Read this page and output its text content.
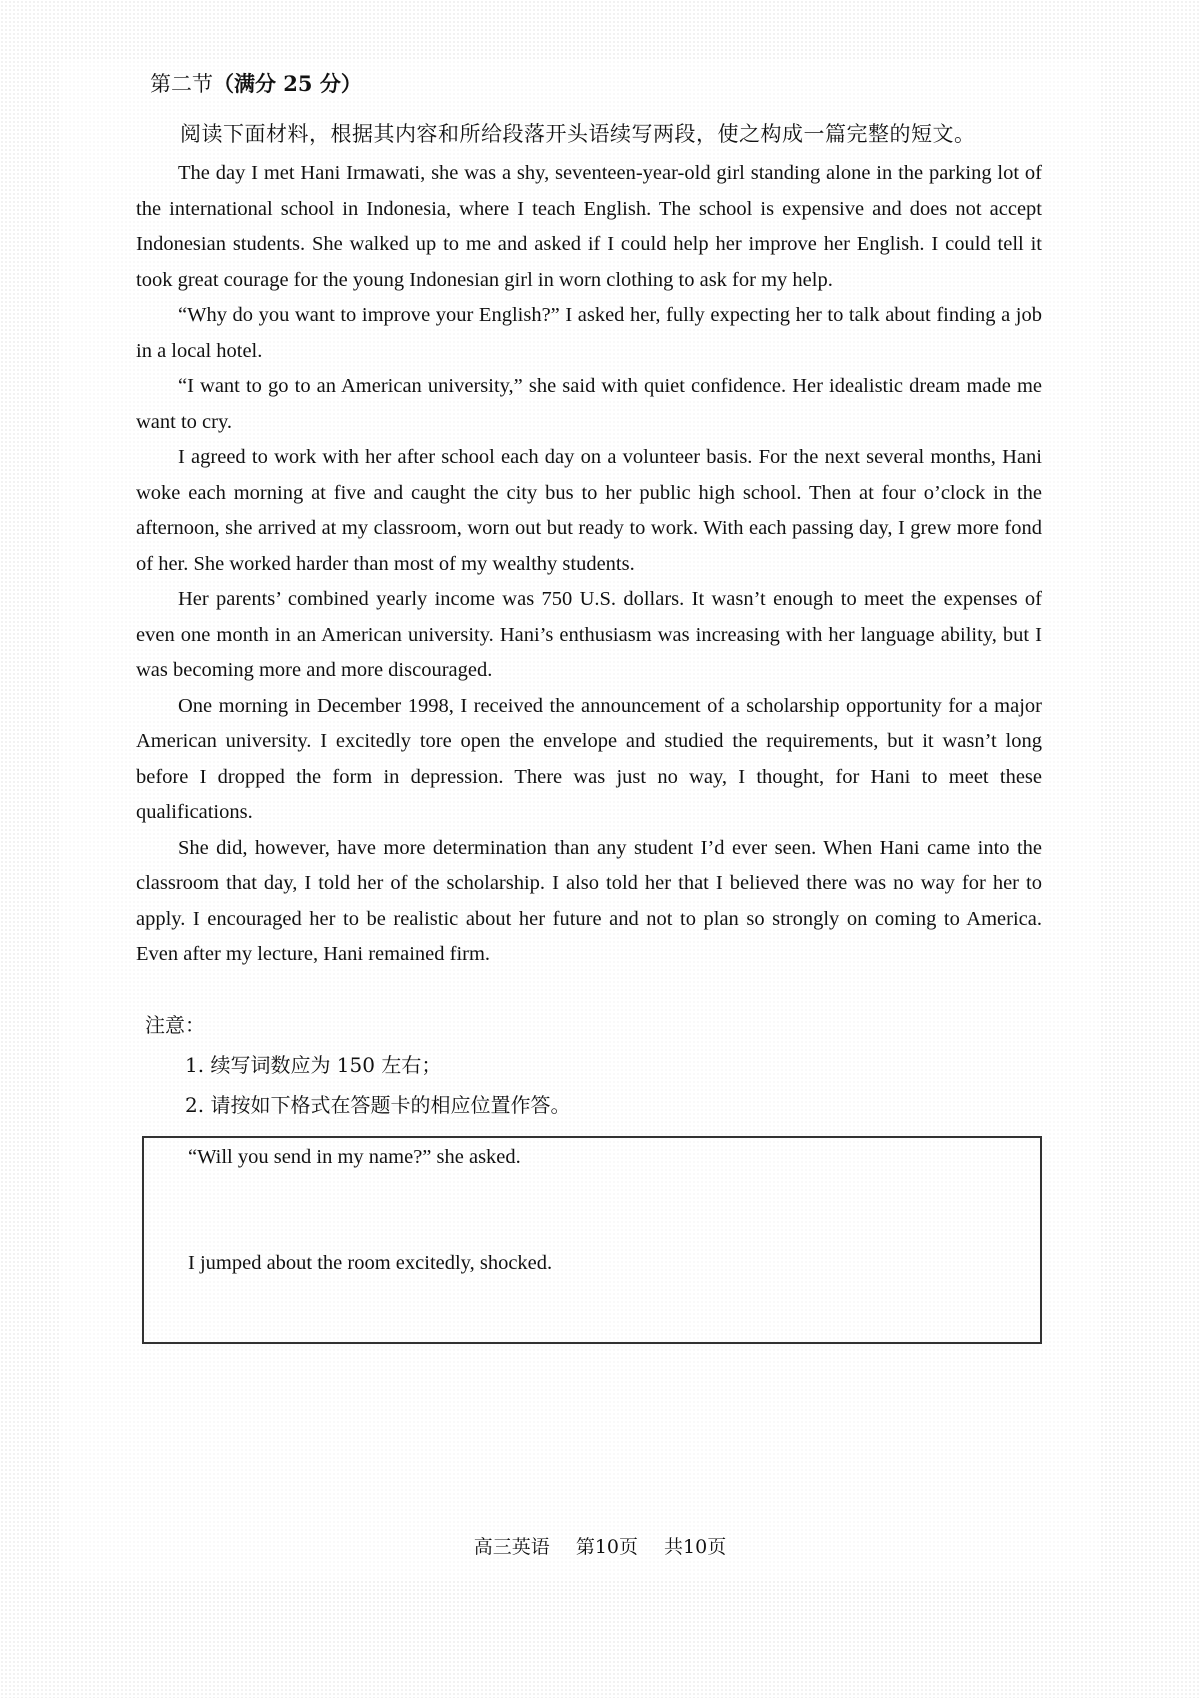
第二节（满分 25 分）
阅读下面材料，根据其内容和所给段落开头语续写两段，使之构成一篇完整的短文。

The day I met Hani Irmawati, she was a shy, seventeen-year-old girl standing alone in the parking lot of the international school in Indonesia, where I teach English. The school is expensive and does not accept Indonesian students. She walked up to me and asked if I could help her improve her English. I could tell it took great courage for the young Indonesian girl in worn clothing to ask for my help.

“Why do you want to improve your English?” I asked her, fully expecting her to talk about finding a job in a local hotel.

“I want to go to an American university,” she said with quiet confidence. Her idealistic dream made me want to cry.

I agreed to work with her after school each day on a volunteer basis. For the next several months, Hani woke each morning at five and caught the city bus to her public high school. Then at four o’clock in the afternoon, she arrived at my classroom, worn out but ready to work. With each passing day, I grew more fond of her. She worked harder than most of my wealthy students.

Her parents’ combined yearly income was 750 U.S. dollars. It wasn’t enough to meet the expenses of even one month in an American university. Hani’s enthusiasm was increasing with her language ability, but I was becoming more and more discouraged.

One morning in December 1998, I received the announcement of a scholarship opportunity for a major American university. I excitedly tore open the envelope and studied the requirements, but it wasn’t long before I dropped the form in depression. There was just no way, I thought, for Hani to meet these qualifications.

She did, however, have more determination than any student I’d ever seen. When Hani came into the classroom that day, I told her of the scholarship. I also told her that I believed there was no way for her to apply. I encouraged her to be realistic about her future and not to plan so strongly on coming to America. Even after my lecture, Hani remained firm.

注意：
1. 续写词数应为 150 左右；
2. 请按如下格式在答题卡的相应位置作答。
“Will you send in my name?” she asked.
I jumped about the room excitedly, shocked.
高三英语 第10页 共10页
